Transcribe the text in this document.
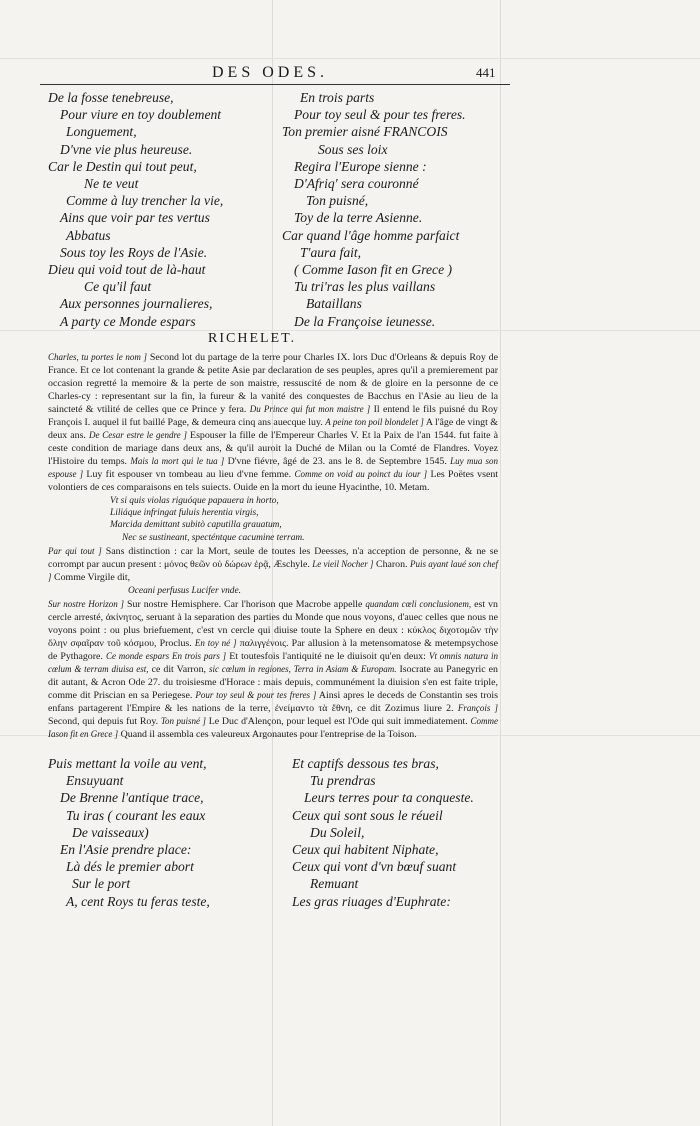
DES ODES.	441
De la fosse tenebreuse,
Pour viure en toy doublement
Longuement,
D'vne vie plus heureuse.
Car le Destin qui tout peut,
Ne te veut
Comme à luy trencher la vie,
Ains que voir par tes vertus
Abbatus
Sous toy les Roys de l'Asie.
Dieu qui void tout de là-haut
Ce qu'il faut
Aux personnes journalieres,
A party ce Monde espars
En trois parts
Pour toy seul & pour tes freres.
Ton premier aisné FRANCOIS
Sous ses loix
Regira l'Europe sienne :
D'Afriq' sera couronné
Ton puisné,
Toy de la terre Asienne.
Car quand l'âge homme parfaict
T'aura fait,
( Comme Iason fit en Grece )
Tu tri'ras les plus vaillans
Bataillans
De la Françoise ieunesse.
RICHELET.

Charles, tu portes le nom ] Second lot du partage de la terre pour Charles IX. lors Duc d'Orleans & depuis Roy de France. Et ce lot contenant la grande & petite Asie par declaration de ses peuples, apres qu'il a premierement par occasion regretté la memoire & la perte de son maistre, ressuscité de nom & de gloire en la personne de ce Charles-cy : representant sur la fin, la fureur & la vanité des conquestes de Bacchus en l'Asie au lieu de la saincteté & vtilité de celles que ce Prince y fera. Du Prince qui fut mon maistre ] Il entend le fils puisné du Roy François I. auquel il fut baillé Page, & demeura cinq ans auecque luy. A peine ton poil blondelet ] A l'âge de vingt & deux ans. De Cesar estre le gendre ] Espouser la fille de l'Empereur Charles V. Et la Paix de l'an 1544. fut faite à ceste condition de mariage dans deux ans, & qu'il auroit la Duché de Milan ou la Comté de Flandres. Voyez l'Histoire du temps. Mais la mort qui le tua ] D'vne fiévre, âgé de 23. ans le 8. de Septembre 1545. Luy mua son espouse ] Luy fit espouser vn tombeau au lieu d'vne femme. Comme on void au poinct du iour ] Les Poëtes vsent volontiers de ces comparaisons en tels suiects. Ouide en la mort du ieune Hyacinthe, 10. Metam.

Vt si quis violas riguóque papauera in horto,
Liliáque infringat fuluis herentia virgis,
Marcida demittant subitò caputilla grauatum,
Nec se sustineant, specténtque cacumine terram.

Par qui tout ] Sans distinction : car la Mort, seule de toutes les Deesses, n'a acception de personne, & ne se corrompt par aucun present : μόνος θεῶν οὐ δώρων ἐρᾷ, Æschyle. Le vieil Nocher ] Charon. Puis ayant laué son chef ] Comme Virgile dit,

Oceani perfusus Lucifer vnde.

Sur nostre Horizon ] Sur nostre Hemisphere. Car l'horison que Macrobe appelle quandam cœli conclusionem, est vn cercle arresté, ἀκίνητος, seruant à la separation des parties du Monde que nous voyons, d'auec celles que nous ne voyons point : ou plus briefuement, c'est vn cercle qui diuise toute la Sphere en deux : κύκλος διχοτομῶν τὴν ὅλην σφαῖραν τοῦ κόσμου, Proclus. En toy né ] παλιγγένοις. Par allusion à la metensomatose & metempsychose de Pythagore. Ce monde espars En trois pars ] Et toutesfois l'antiquité ne le diuisoit qu'en deux: Vt omnis natura in cœlum & terram diuisa est, ce dit Varron, sic cœlum in regiones, Terra in Asiam & Europam. Isocrate au Panegyric en dit autant, & Acron Ode 27. du troisiesme d'Horace : mais depuis, communément la diuision s'en est faite triple, comme dit Priscian en sa Periegese. Pour toy seul & pour tes freres ] Ainsi apres le deceds de Constantin ses trois enfans partagerent l'Empire & les nations de la terre, ἐνείμαντο τὰ ἔθνη, ce dit Zozimus liure 2. François ] Second, qui depuis fut Roy. Ton puisné ] Le Duc d'Alençon, pour lequel est l'Ode qui suit immediatement. Comme Iason fit en Grece ] Quand il assembla ces valeureux Argonautes pour l'entreprise de la Toison.

Puis mettant la voile au vent,
Ensuyuant
De Brenne l'antique trace,
Tu iras ( courant les eaux
De vaisseaux)
En l'Asie prendre place:
Là dés le premier abort
Sur le port
A, cent Roys tu feras teste,
Et captifs dessous tes bras,
Tu prendras
Leurs terres pour ta conqueste.
Ceux qui sont sous le réueil
Du Soleil,
Ceux qui habitent Niphate,
Ceux qui vont d'vn bœuf suant
Remuant
Les gras riuages d'Euphrate:
